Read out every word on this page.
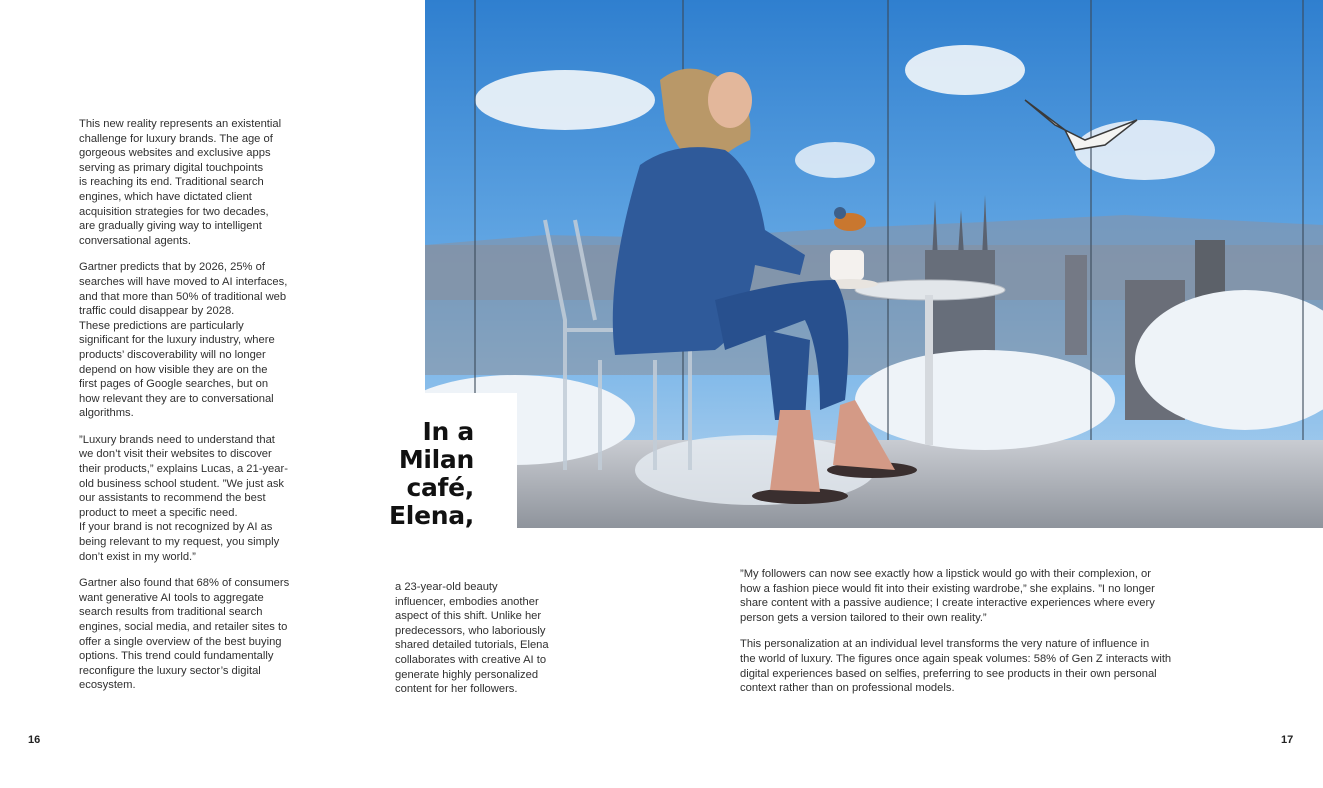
This new reality represents an existential
challenge for luxury brands. The age of
gorgeous websites and exclusive apps
serving as primary digital touchpoints
is reaching its end. Traditional search
engines, which have dictated client
acquisition strategies for two decades,
are gradually giving way to intelligent
conversational agents.

Gartner predicts that by 2026, 25% of
searches will have moved to AI interfaces,
and that more than 50% of traditional web
traffic could disappear by 2028.
These predictions are particularly
significant for the luxury industry, where
products’ discoverability will no longer
depend on how visible they are on the
first pages of Google searches, but on
how relevant they are to conversational
algorithms.

”Luxury brands need to understand that
we don’t visit their websites to discover
their products,” explains Lucas, a 21-year-
old business school student. ”We just ask
our assistants to recommend the best
product to meet a specific need.
If your brand is not recognized by AI as
being relevant to my request, you simply
don’t exist in my world.”

Gartner also found that 68% of consumers
want generative AI tools to aggregate
search results from traditional search
engines, social media, and retailer sites to
offer a single overview of the best buying
options. This trend could fundamentally
reconfigure the luxury sector’s digital
ecosystem.

In a
Milan
café,
Elena,

a 23-year-old beauty
influencer, embodies another
aspect of this shift. Unlike her
predecessors, who laboriously
shared detailed tutorials, Elena
collaborates with creative AI to
generate highly personalized
content for her followers.

”My followers can now see exactly how a lipstick would go with their complexion, or
how a fashion piece would fit into their existing wardrobe,” she explains. ”I no longer
share content with a passive audience; I create interactive experiences where every
person gets a version tailored to their own reality.”

This personalization at an individual level transforms the very nature of influence in
the world of luxury. The figures once again speak volumes: 58% of Gen Z interacts with
digital experiences based on selfies, preferring to see products in their own personal
context rather than on professional models.

16	17
